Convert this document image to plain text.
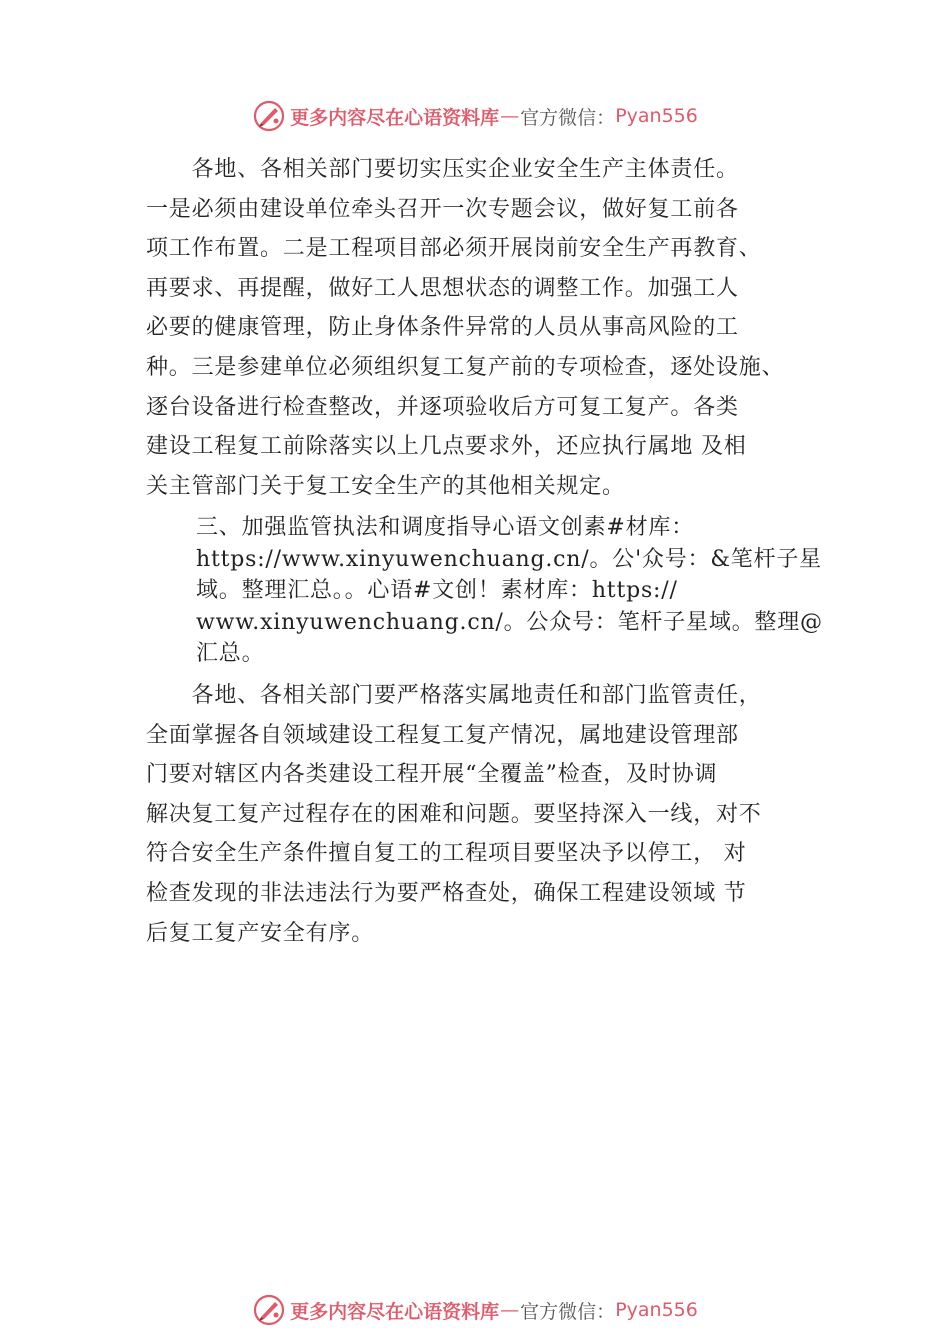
更多内容尽在心语资料库 — 官方微信： Pyan556
　　各地、各相关部门要切实压实企业安全生产主体责任。
一是必须由建设单位牵头召开一次专题会议，做好复工前各
项工作布置。二是工程项目部必须开展岗前安全生产再教育、
再要求、再提醒，做好工人思想状态的调整工作。加强工人
必要的健康管理，防止身体条件异常的人员从事高风险的工
种。三是参建单位必须组织复工复产前的专项检查，逐处设施、
逐台设备进行检查整改，并逐项验收后方可复工复产。各类
建设工程复工前除落实以上几点要求外，还应执行属地 及相
关主管部门关于复工安全生产的其他相关规定。
三、加强监管执法和调度指导心语文创素#材库：
https://www.xinyuwenchuang.cn/。公'众号：&笔杆子星
域。整理汇总。。心语#文创！素材库：https://
www.xinyuwenchuang.cn/。公众号：笔杆子星域。整理@
汇总。
　　各地、各相关部门要严格落实属地责任和部门监管责任，
全面掌握各自领域建设工程复工复产情况，属地建设管理部
门要对辖区内各类建设工程开展“全覆盖”检查，及时协调
解决复工复产过程存在的困难和问题。要坚持深入一线，对不
符合安全生产条件擅自复工的工程项目要坚决予以停工， 对
检查发现的非法违法行为要严格查处，确保工程建设领域 节
后复工复产安全有序。
更多内容尽在心语资料库 — 官方微信： Pyan556
